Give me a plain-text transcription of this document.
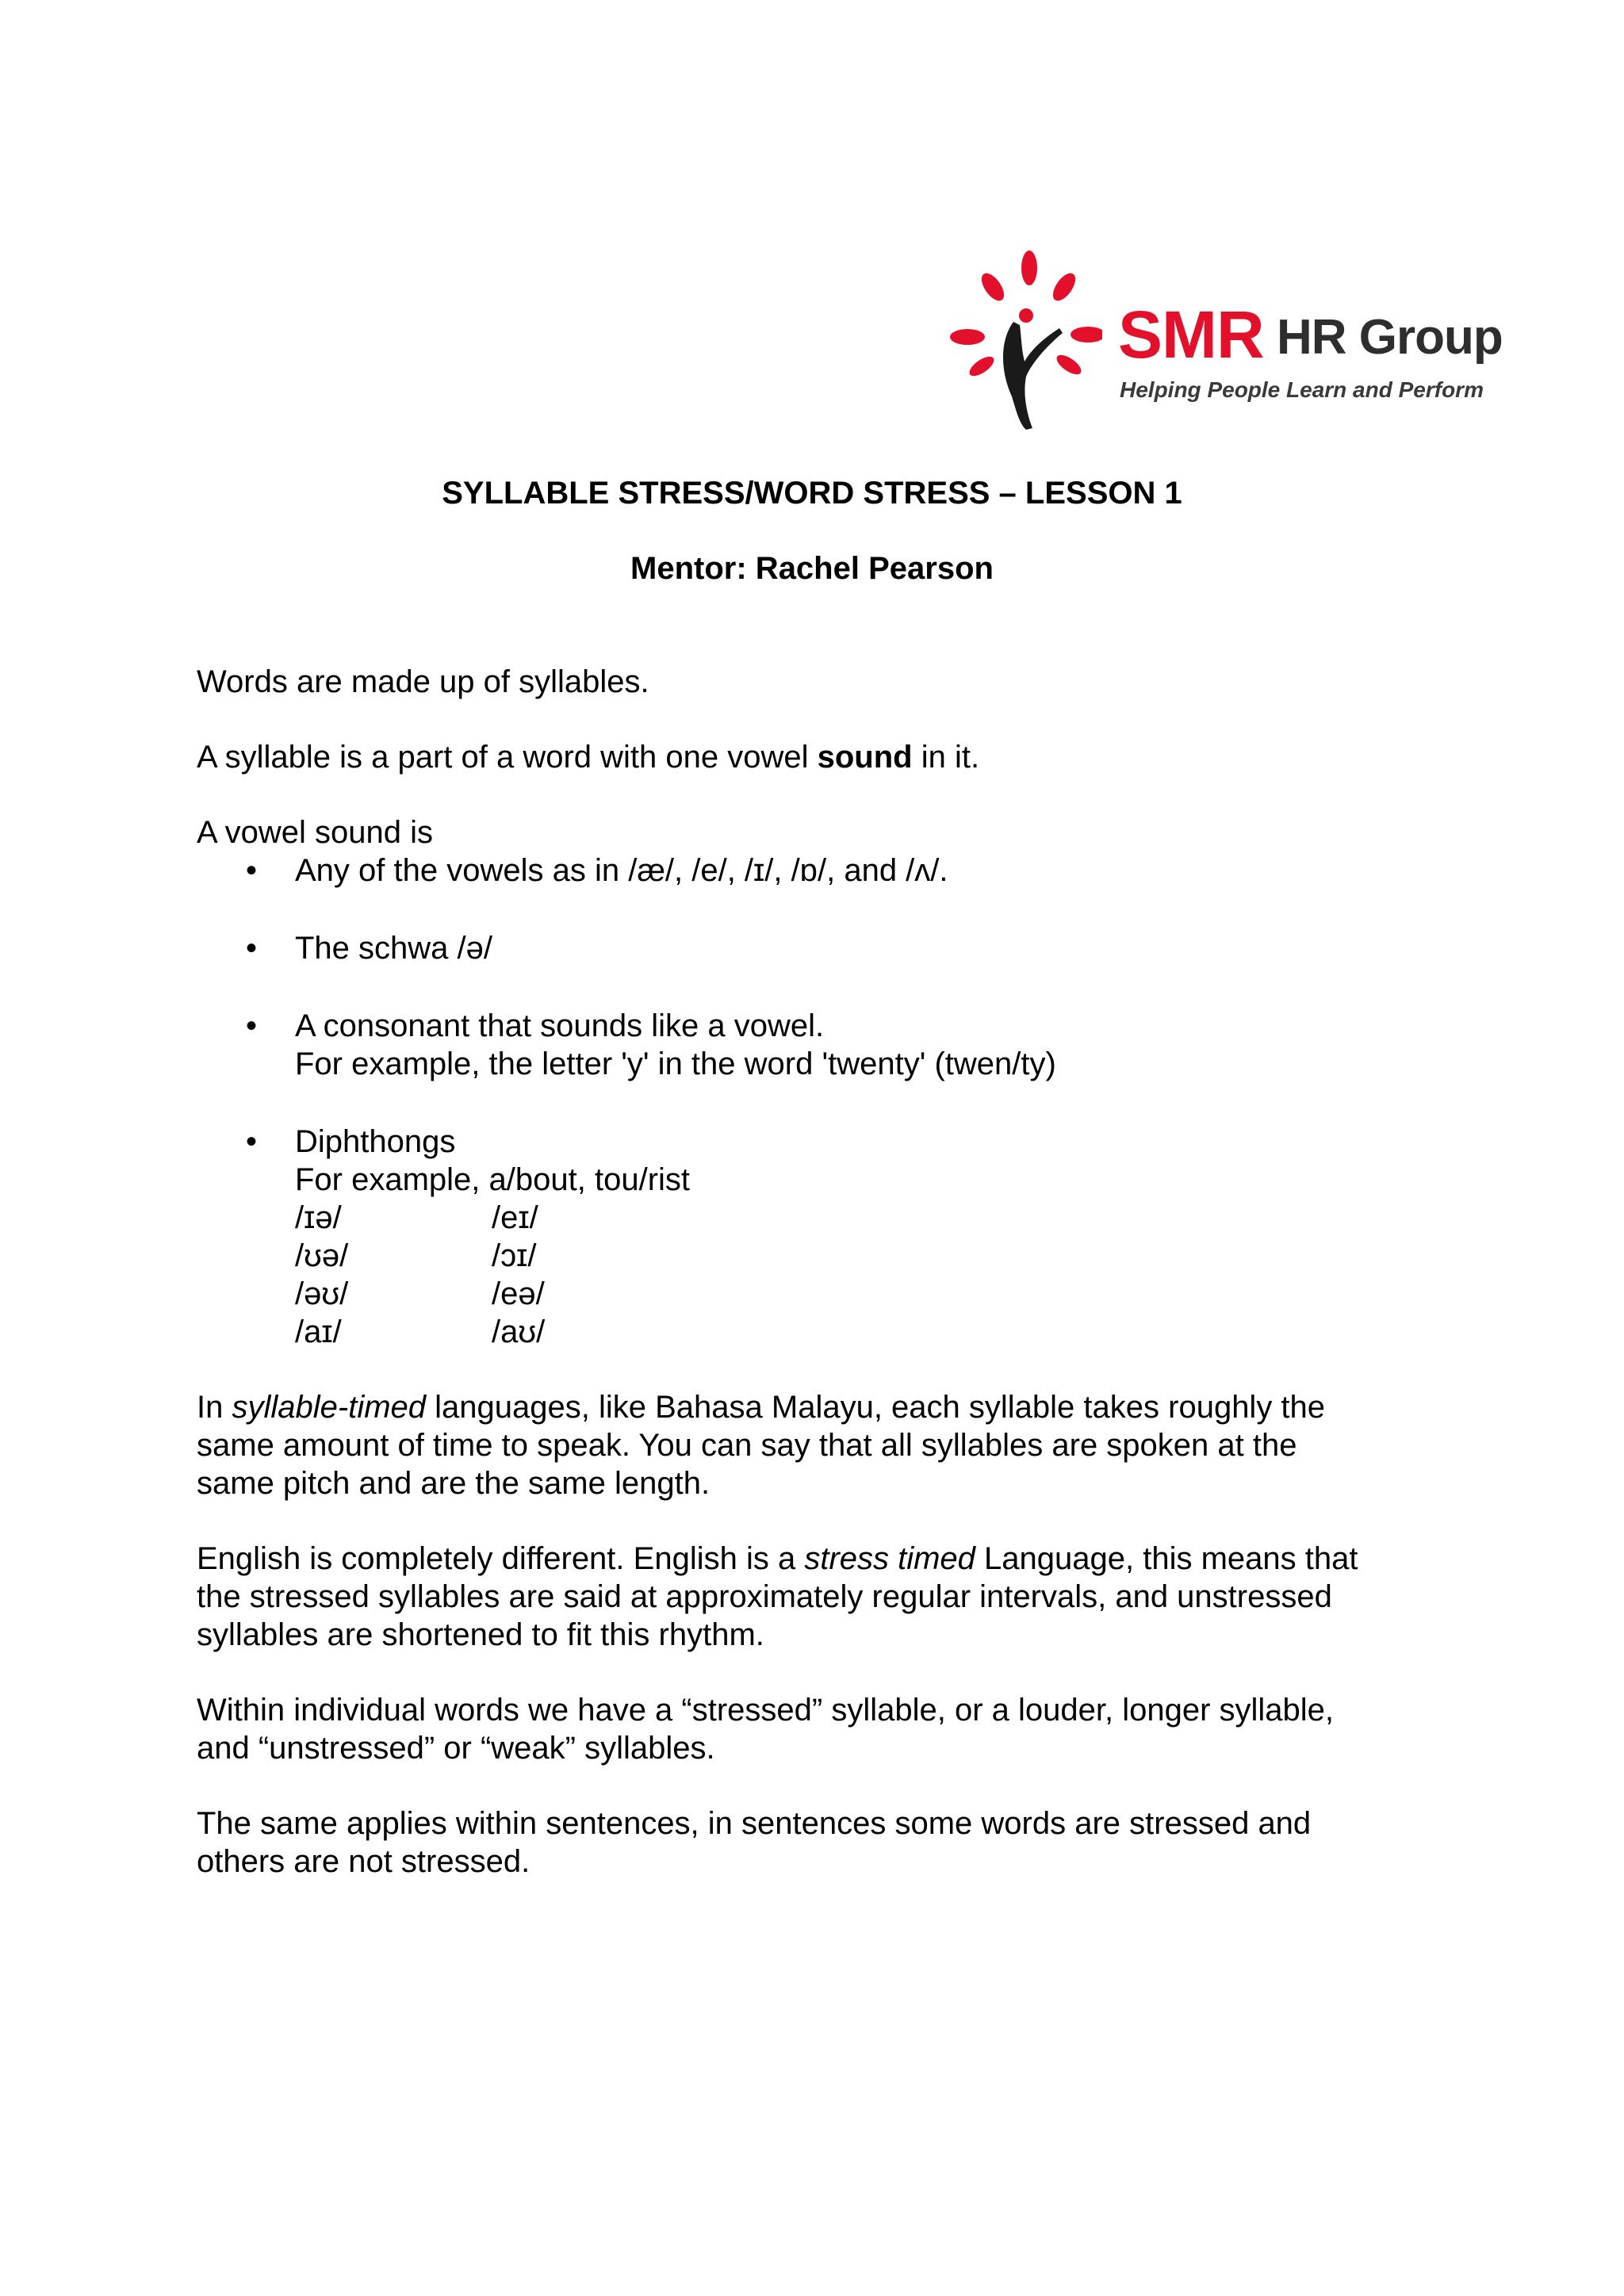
SMR HR Group
Helping People Learn and Perform
SYLLABLE STRESS/WORD STRESS – LESSON 1
Mentor: Rachel Pearson
Words are made up of syllables.
A syllable is a part of a word with one vowel sound in it.
A vowel sound is
• Any of the vowels as in /æ/, /e/, /ɪ/, /ɒ/, and /ʌ/.
• The schwa /ə/
• A consonant that sounds like a vowel.
For example, the letter 'y' in the word 'twenty' (twen/ty)
• Diphthongs
For example, a/bout, tou/rist
/ɪə/	/eɪ/
/ʊə/	/ɔɪ/
/əʊ/	/eə/
/aɪ/	/aʊ/
In syllable-timed languages, like Bahasa Malayu, each syllable takes roughly the
same amount of time to speak. You can say that all syllables are spoken at the
same pitch and are the same length.
English is completely different. English is a stress timed Language, this means that
the stressed syllables are said at approximately regular intervals, and unstressed
syllables are shortened to fit this rhythm.
Within individual words we have a “stressed” syllable, or a louder, longer syllable,
and “unstressed” or “weak” syllables.
The same applies within sentences, in sentences some words are stressed and
others are not stressed.
